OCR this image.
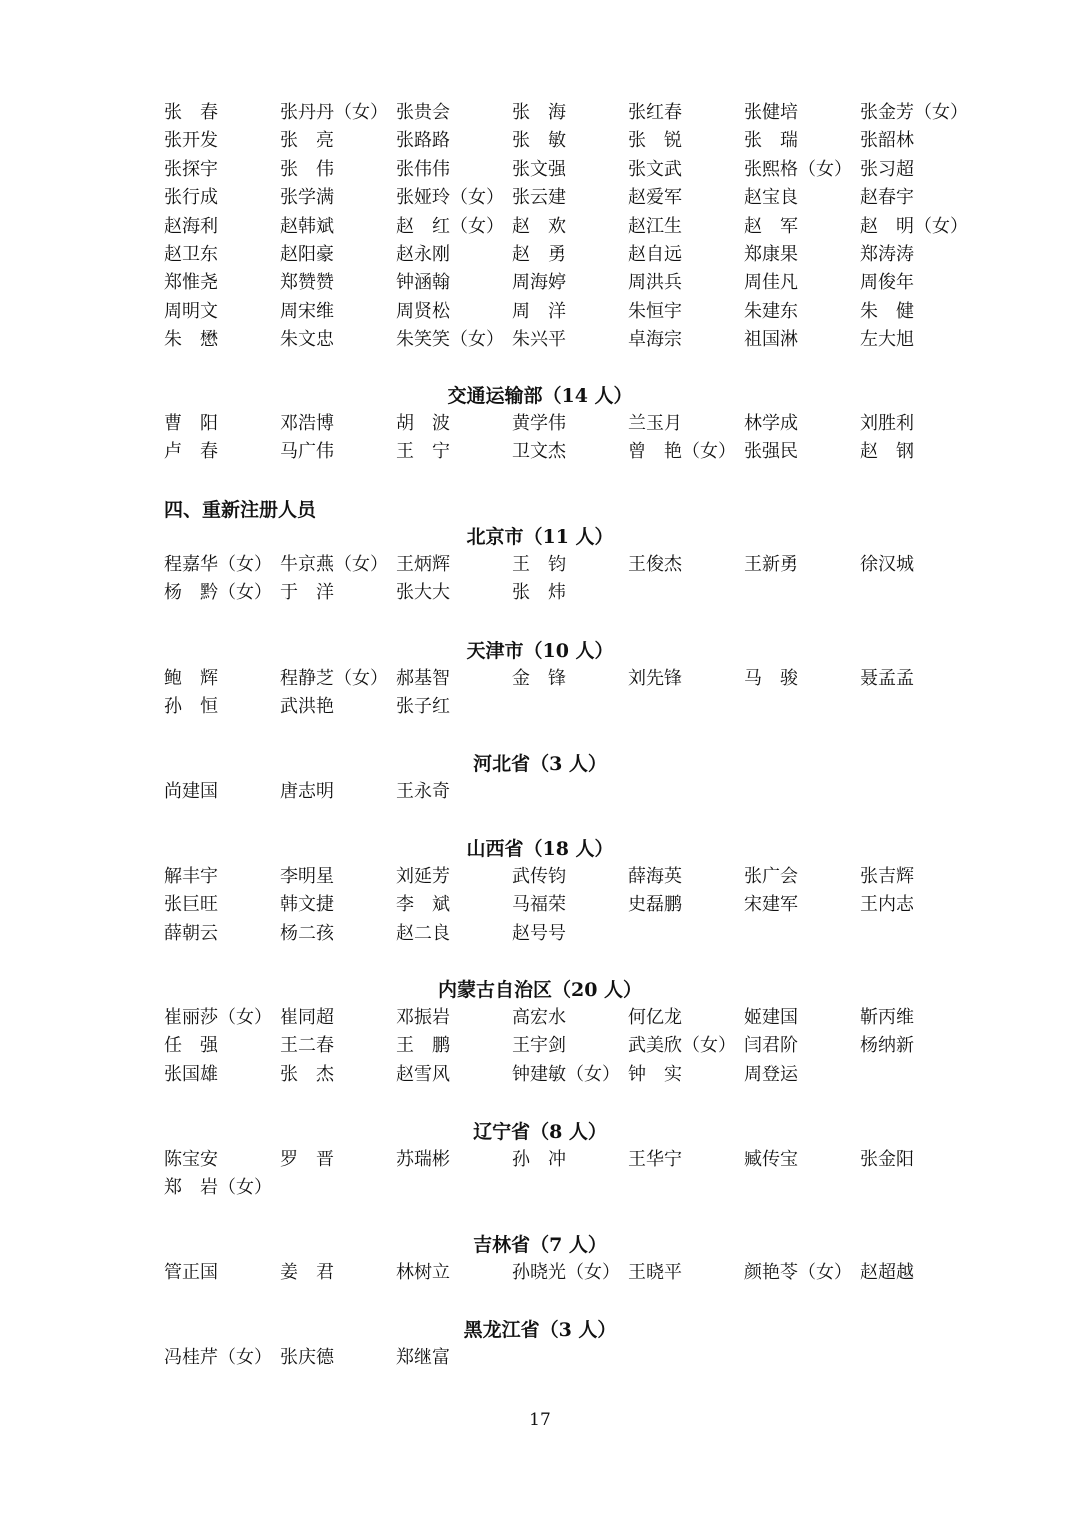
张　春	张丹丹（女） 张贵会	张　海	张红春	张健培	张金芳（女）
张开发	张　亮	张路路	张　敏	张　锐	张　瑞	张韶林
张探宇	张　伟	张伟伟	张文强	张文武	张熙格（女） 张习超
张行成	张学满	张娅玲（女） 张云建	赵爱军	赵宝良	赵春宇
赵海利	赵韩斌	赵　红（女） 赵　欢	赵江生	赵　军	赵　明（女）
赵卫东	赵阳豪	赵永刚	赵　勇	赵自远	郑康果	郑涛涛
郑惟尧	郑赞赞	钟涵翰	周海婷	周洪兵	周佳凡	周俊年
周明文	周宋维	周贤松	周　洋	朱恒宇	朱建东	朱　健
朱　懋	朱文忠	朱笑笑（女） 朱兴平	卓海宗	祖国淋	左大旭
交通运输部（14 人）
曹　阳	邓浩博	胡　波	黄学伟	兰玉月	林学成	刘胜利
卢　春	马广伟	王　宁	卫文杰	曾　艳（女） 张强民	赵　钢
四、重新注册人员
北京市（11 人）
程嘉华（女） 牛京燕（女） 王炳辉	王　钧	王俊杰	王新勇	徐汉城
杨　黔（女） 于　洋	张大大	张　炜
天津市（10 人）
鲍　辉	程静芝（女） 郝基智	金　锋	刘先锋	马　骏	聂孟孟
孙　恒	武洪艳	张子红
河北省（3 人）
尚建国	唐志明	王永奇
山西省（18 人）
解丰宇	李明星	刘延芳	武传钧	薛海英	张广会	张吉辉
张巨旺	韩文捷	李　斌	马福荣	史磊鹏	宋建军	王内志
薛朝云	杨二孩	赵二良	赵号号
内蒙古自治区（20 人）
崔丽莎（女） 崔同超	邓振岩	高宏水	何亿龙	姬建国	靳丙维
任　强	王二春	王　鹏	王宇剑	武美欣（女） 闫君阶	杨纳新
张国雄	张　杰	赵雪风	钟建敏（女） 钟　实	周登运
辽宁省（8 人）
陈宝安	罗　晋	苏瑞彬	孙　冲	王华宁	臧传宝	张金阳
郑　岩（女）
吉林省（7 人）
管正国	姜　君	林树立	孙晓光（女） 王晓平	颜艳苓（女） 赵超越
黑龙江省（3 人）
冯桂芹（女） 张庆德	郑继富
17
